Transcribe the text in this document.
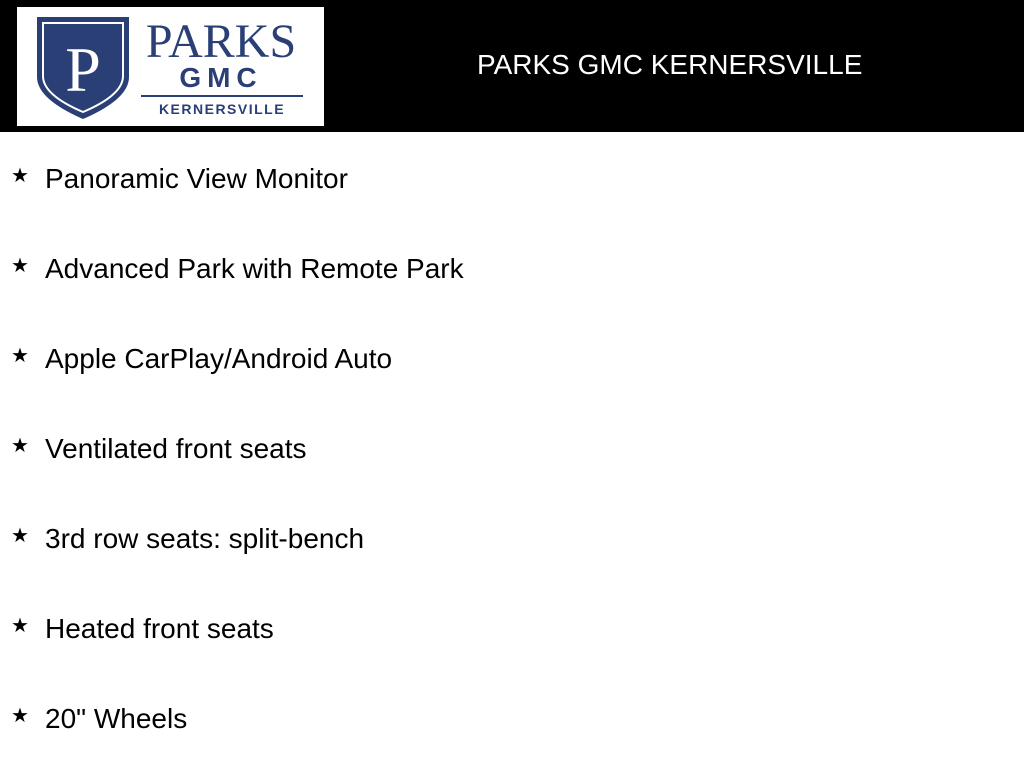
P PARKS
GMC
KERNERSVILLE
PARKS GMC KERNERSVILLE
★ Panoramic View Monitor
★ Advanced Park with Remote Park
★ Apple CarPlay/Android Auto
★ Ventilated front seats
★ 3rd row seats: split-bench
★ Heated front seats
★ 20" Wheels
